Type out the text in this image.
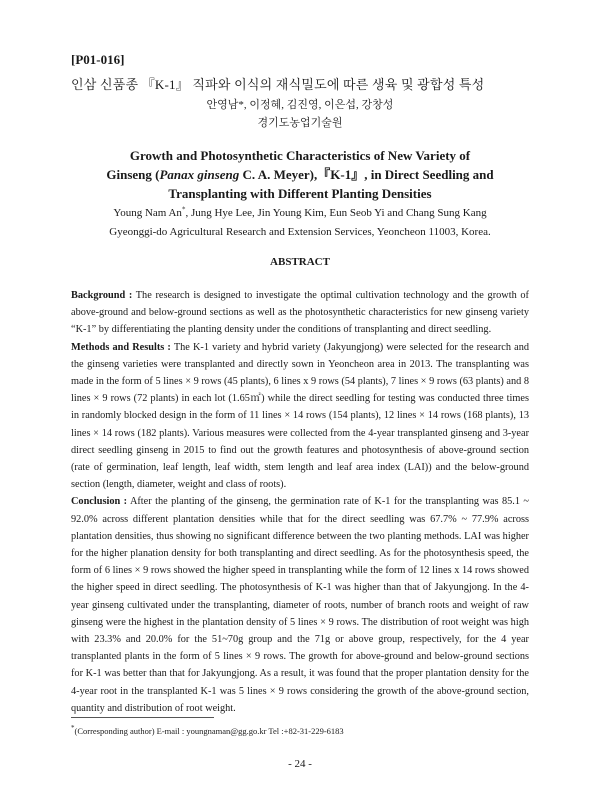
[P01-016]
인삼 신품종 『K-1』 직파와 이식의 재식밀도에 따른 생육 및 광합성 특성
안영남*, 이정혜, 김진영, 이은섭, 강창성
경기도농업기술원
Growth and Photosynthetic Characteristics of New Variety of
Ginseng (Panax ginseng C. A. Meyer),『K-1』, in Direct Seedling and
Transplanting with Different Planting Densities
Young Nam An*, Jung Hye Lee, Jin Young Kim, Eun Seob Yi and Chang Sung Kang
Gyeonggi-do Agricultural Research and Extension Services, Yeoncheon 11003, Korea.
ABSTRACT

Background : The research is designed to investigate the optimal cultivation technology and the growth of above-ground and below-ground sections as well as the photosynthetic characteristics for new ginseng variety “K-1” by differentiating the planting density under the conditions of transplanting and direct seedling.

Methods and Results : The K-1 variety and hybrid variety (Jakyungjong) were selected for the research and the ginseng varieties were transplanted and directly sown in Yeoncheon area in 2013. The transplanting was made in the form of 5 lines × 9 rows (45 plants), 6 lines x 9 rows (54 plants), 7 lines × 9 rows (63 plants) and 8 lines × 9 rows (72 plants) in each lot (1.65㎡) while the direct seedling for testing was conducted three times in randomly blocked design in the form of 11 lines × 14 rows (154 plants), 12 lines × 14 rows (168 plants), 13 lines × 14 rows (182 plants). Various measures were collected from the 4-year transplanted ginseng and 3-year direct seedling ginseng in 2015 to find out the growth features and photosynthesis of above-ground section (rate of germination, leaf length, leaf width, stem length and leaf area index (LAI)) and the below-ground section (length, diameter, weight and class of roots).

Conclusion : After the planting of the ginseng, the germination rate of K-1 for the transplanting was 85.1 ~ 92.0% across different plantation densities while that for the direct seedling was 67.7% ~ 77.9% across plantation densities, thus showing no significant difference between the two planting methods. LAI was higher for the higher planation density for both transplanting and direct seedling. As for the photosynthesis speed, the form of 6 lines × 9 rows showed the higher speed in transplanting while the form of 12 lines x 14 rows showed the higher speed in direct seedling. The photosynthesis of K-1 was higher than that of Jakyungjong. In the 4-year ginseng cultivated under the transplanting, diameter of roots, number of branch roots and weight of raw ginseng were the highest in the plantation density of 5 lines × 9 rows. The distribution of root weight was high with 23.3% and 20.0% for the 51~70g group and the 71g or above group, respectively, for the 4 year transplanted plants in the form of 5 lines × 9 rows. The growth for above-ground and below-ground sections for K-1 was better than that for Jakyungjong. As a result, it was found that the proper plantation density for the 4-year root in the transplanted K-1 was 5 lines × 9 rows considering the growth of the above-ground section, quantity and distribution of root weight.

*(Corresponding author) E-mail : youngnaman@gg.go.kr Tel :+82-31-229-6183
- 24 -
